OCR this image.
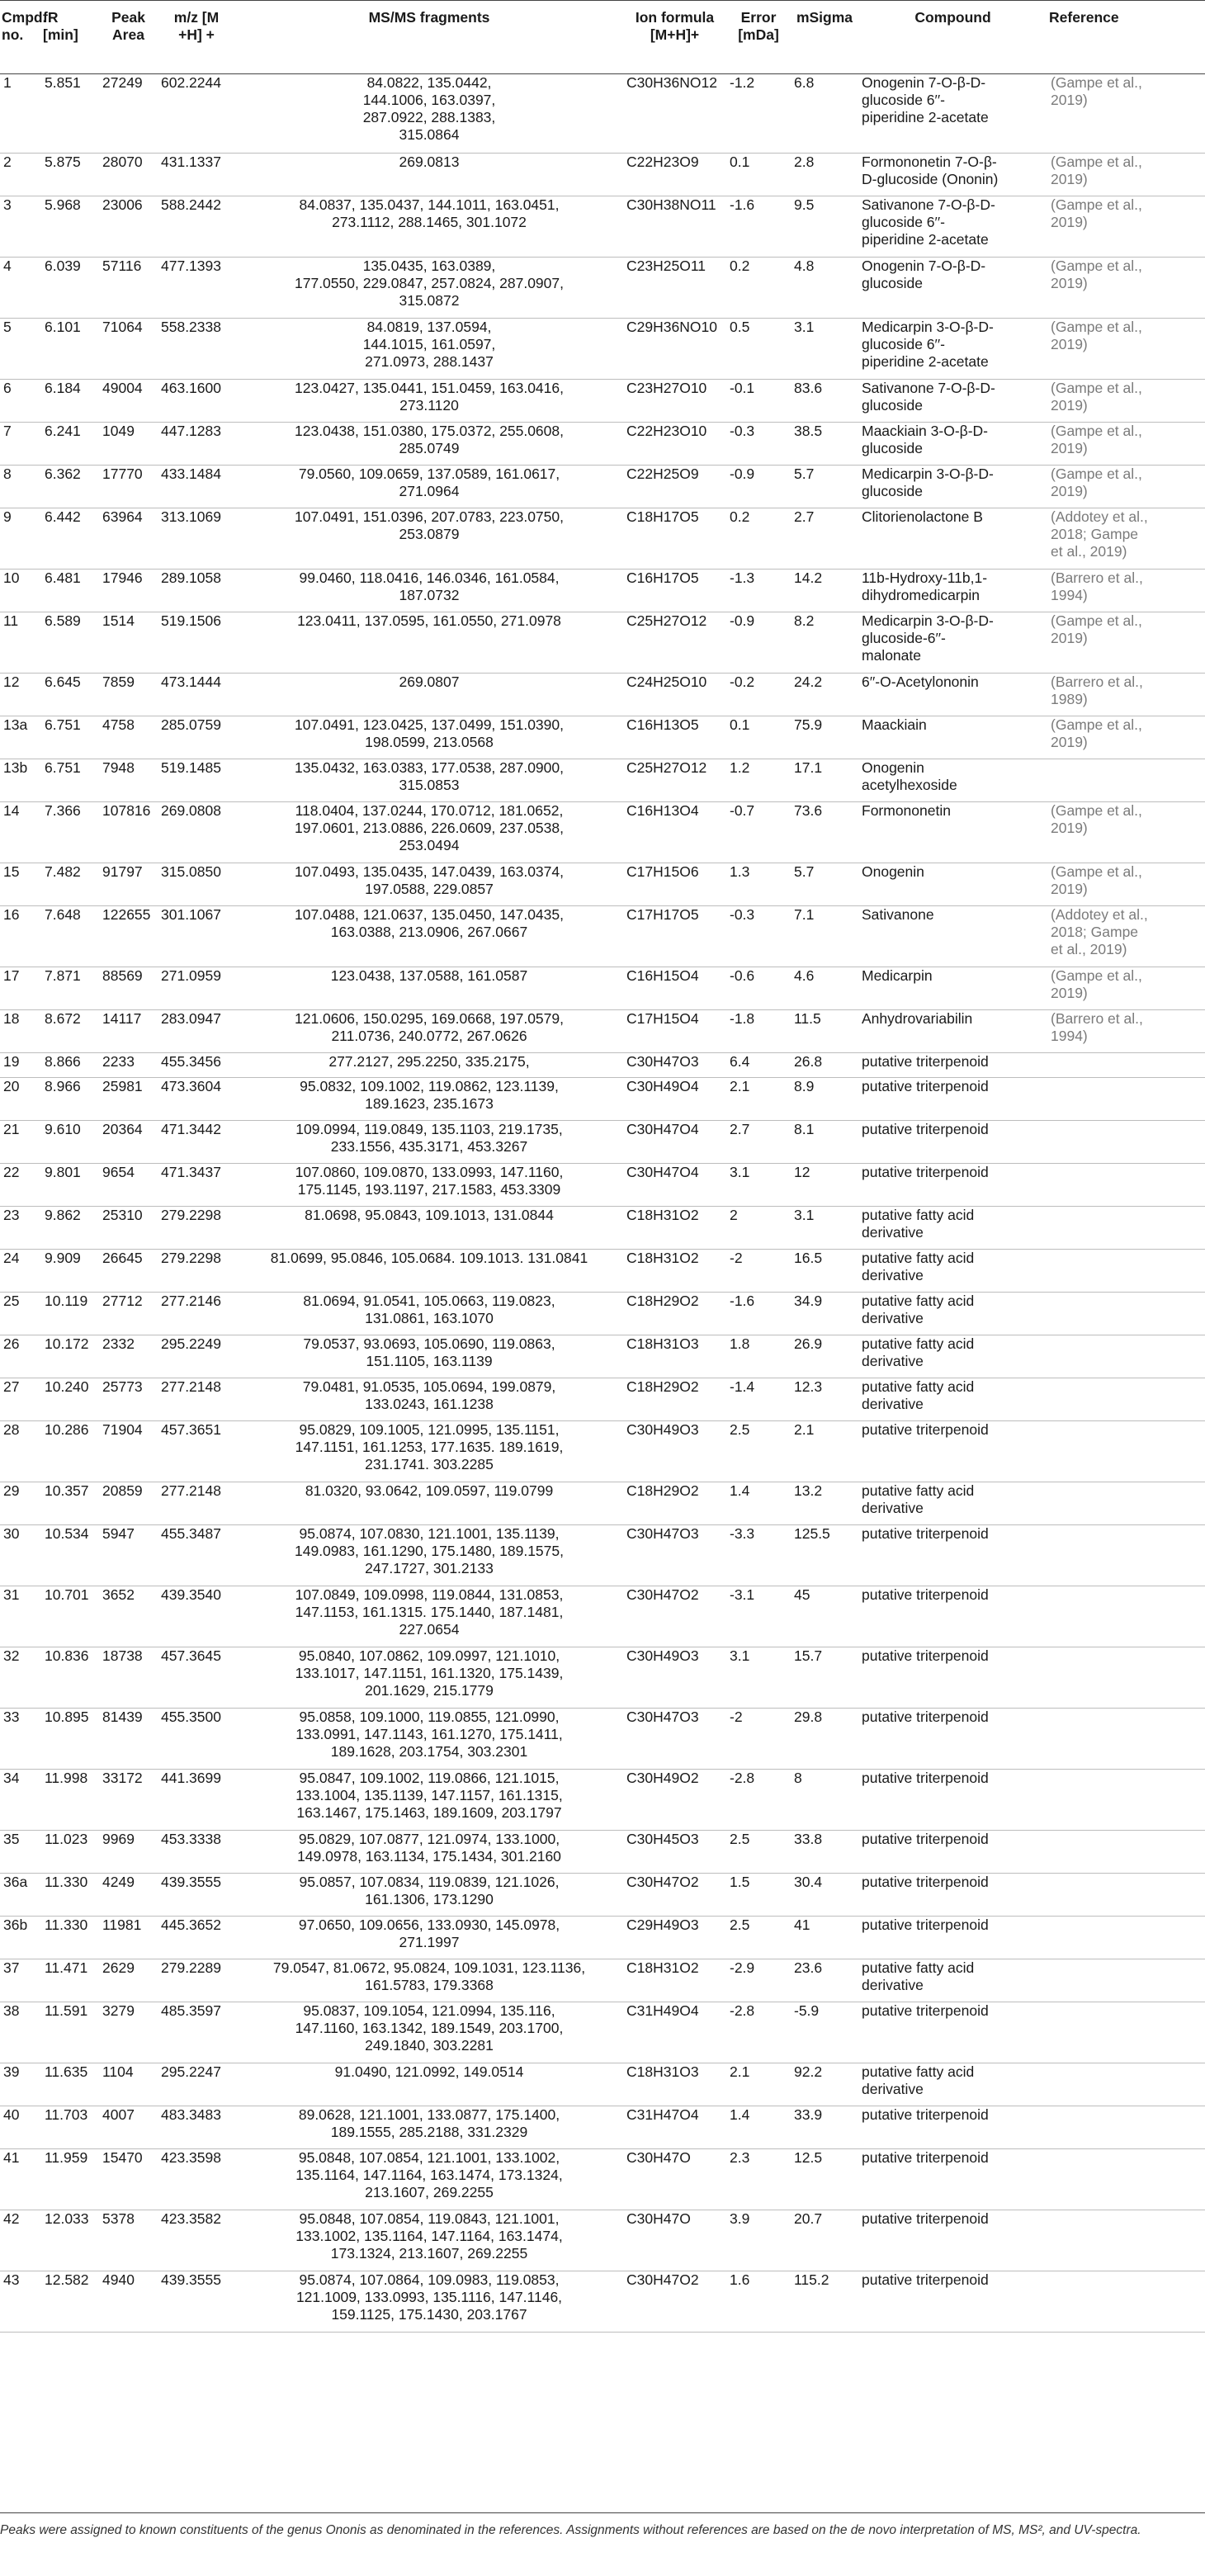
Cmpd.
no.	fR
[min]	Peak
Area	m/z [M
+H] +	MS/MS fragments	Ion formula
[M+H]+	Error
[mDa]	mSigma	Compound	Reference
1	5.851	27249	602.2244	84.0822, 135.0442,
144.1006, 163.0397,
287.0922, 288.1383,
315.0864	C30H36NO12	-1.2	6.8	Onogenin 7-O-β-D-
glucoside 6′′-
piperidine 2-acetate	(Gampe et al.,
2019)
2	5.875	28070	431.1337	269.0813	C22H23O9	0.1	2.8	Formononetin 7-O-β-
D-glucoside (Ononin)	(Gampe et al.,
2019)
3	5.968	23006	588.2442	84.0837, 135.0437, 144.1011, 163.0451,
273.1112, 288.1465, 301.1072	C30H38NO11	-1.6	9.5	Sativanone 7-O-β-D-
glucoside 6′′-
piperidine 2-acetate	(Gampe et al.,
2019)
4	6.039	57116	477.1393	135.0435, 163.0389,
177.0550, 229.0847, 257.0824, 287.0907,
315.0872	C23H25O11	0.2	4.8	Onogenin 7-O-β-D-
glucoside	(Gampe et al.,
2019)
5	6.101	71064	558.2338	84.0819, 137.0594,
144.1015, 161.0597,
271.0973, 288.1437	C29H36NO10	0.5	3.1	Medicarpin 3-O-β-D-
glucoside 6′′-
piperidine 2-acetate	(Gampe et al.,
2019)
6	6.184	49004	463.1600	123.0427, 135.0441, 151.0459, 163.0416,
273.1120	C23H27O10	-0.1	83.6	Sativanone 7-O-β-D-
glucoside	(Gampe et al.,
2019)
7	6.241	1049	447.1283	123.0438, 151.0380, 175.0372, 255.0608,
285.0749	C22H23O10	-0.3	38.5	Maackiain 3-O-β-D-
glucoside	(Gampe et al.,
2019)
8	6.362	17770	433.1484	79.0560, 109.0659, 137.0589, 161.0617,
271.0964	C22H25O9	-0.9	5.7	Medicarpin 3-O-β-D-
glucoside	(Gampe et al.,
2019)
9	6.442	63964	313.1069	107.0491, 151.0396, 207.0783, 223.0750,
253.0879	C18H17O5	0.2	2.7	Clitorienolactone B	(Addotey et al.,
2018; Gampe
et al., 2019)
10	6.481	17946	289.1058	99.0460, 118.0416, 146.0346, 161.0584,
187.0732	C16H17O5	-1.3	14.2	11b-Hydroxy-11b,1-
dihydromedicarpin	(Barrero et al.,
1994)
11	6.589	1514	519.1506	123.0411, 137.0595, 161.0550, 271.0978	C25H27O12	-0.9	8.2	Medicarpin 3-O-β-D-
glucoside-6′′-
malonate	(Gampe et al.,
2019)
12	6.645	7859	473.1444	269.0807	C24H25O10	-0.2	24.2	6′′-O-Acetylononin	(Barrero et al.,
1989)
13a	6.751	4758	285.0759	107.0491, 123.0425, 137.0499, 151.0390,
198.0599, 213.0568	C16H13O5	0.1	75.9	Maackiain	(Gampe et al.,
2019)
13b	6.751	7948	519.1485	135.0432, 163.0383, 177.0538, 287.0900,
315.0853	C25H27O12	1.2	17.1	Onogenin
acetylhexoside	
14	7.366	107816	269.0808	118.0404, 137.0244, 170.0712, 181.0652,
197.0601, 213.0886, 226.0609, 237.0538,
253.0494	C16H13O4	-0.7	73.6	Formononetin	(Gampe et al.,
2019)
15	7.482	91797	315.0850	107.0493, 135.0435, 147.0439, 163.0374,
197.0588, 229.0857	C17H15O6	1.3	5.7	Onogenin	(Gampe et al.,
2019)
16	7.648	122655	301.1067	107.0488, 121.0637, 135.0450, 147.0435,
163.0388, 213.0906, 267.0667	C17H17O5	-0.3	7.1	Sativanone	(Addotey et al.,
2018; Gampe
et al., 2019)
17	7.871	88569	271.0959	123.0438, 137.0588, 161.0587	C16H15O4	-0.6	4.6	Medicarpin	(Gampe et al.,
2019)
18	8.672	14117	283.0947	121.0606, 150.0295, 169.0668, 197.0579,
211.0736, 240.0772, 267.0626	C17H15O4	-1.8	11.5	Anhydrovariabilin	(Barrero et al.,
1994)
19	8.866	2233	455.3456	277.2127, 295.2250, 335.2175,	C30H47O3	6.4	26.8	putative triterpenoid	
20	8.966	25981	473.3604	95.0832, 109.1002, 119.0862, 123.1139,
189.1623, 235.1673	C30H49O4	2.1	8.9	putative triterpenoid	
21	9.610	20364	471.3442	109.0994, 119.0849, 135.1103, 219.1735,
233.1556, 435.3171, 453.3267	C30H47O4	2.7	8.1	putative triterpenoid	
22	9.801	9654	471.3437	107.0860, 109.0870, 133.0993, 147.1160,
175.1145, 193.1197, 217.1583, 453.3309	C30H47O4	3.1	12	putative triterpenoid	
23	9.862	25310	279.2298	81.0698, 95.0843, 109.1013, 131.0844	C18H31O2	2	3.1	putative fatty acid
derivative	
24	9.909	26645	279.2298	81.0699, 95.0846, 105.0684. 109.1013. 131.0841	C18H31O2	-2	16.5	putative fatty acid
derivative	
25	10.119	27712	277.2146	81.0694, 91.0541, 105.0663, 119.0823,
131.0861, 163.1070	C18H29O2	-1.6	34.9	putative fatty acid
derivative	
26	10.172	2332	295.2249	79.0537, 93.0693, 105.0690, 119.0863,
151.1105, 163.1139	C18H31O3	1.8	26.9	putative fatty acid
derivative	
27	10.240	25773	277.2148	79.0481, 91.0535, 105.0694, 199.0879,
133.0243, 161.1238	C18H29O2	-1.4	12.3	putative fatty acid
derivative	
28	10.286	71904	457.3651	95.0829, 109.1005, 121.0995, 135.1151,
147.1151, 161.1253, 177.1635. 189.1619,
231.1741. 303.2285	C30H49O3	2.5	2.1	putative triterpenoid	
29	10.357	20859	277.2148	81.0320, 93.0642, 109.0597, 119.0799	C18H29O2	1.4	13.2	putative fatty acid
derivative	
30	10.534	5947	455.3487	95.0874, 107.0830, 121.1001, 135.1139,
149.0983, 161.1290, 175.1480, 189.1575,
247.1727, 301.2133	C30H47O3	-3.3	125.5	putative triterpenoid	
31	10.701	3652	439.3540	107.0849, 109.0998, 119.0844, 131.0853,
147.1153, 161.1315. 175.1440, 187.1481,
227.0654	C30H47O2	-3.1	45	putative triterpenoid	
32	10.836	18738	457.3645	95.0840, 107.0862, 109.0997, 121.1010,
133.1017, 147.1151, 161.1320, 175.1439,
201.1629, 215.1779	C30H49O3	3.1	15.7	putative triterpenoid	
33	10.895	81439	455.3500	95.0858, 109.1000, 119.0855, 121.0990,
133.0991, 147.1143, 161.1270, 175.1411,
189.1628, 203.1754, 303.2301	C30H47O3	-2	29.8	putative triterpenoid	
34	11.998	33172	441.3699	95.0847, 109.1002, 119.0866, 121.1015,
133.1004, 135.1139, 147.1157, 161.1315,
163.1467, 175.1463, 189.1609, 203.1797	C30H49O2	-2.8	8	putative triterpenoid	
35	11.023	9969	453.3338	95.0829, 107.0877, 121.0974, 133.1000,
149.0978, 163.1134, 175.1434, 301.2160	C30H45O3	2.5	33.8	putative triterpenoid	
36a	11.330	4249	439.3555	95.0857, 107.0834, 119.0839, 121.1026,
161.1306, 173.1290	C30H47O2	1.5	30.4	putative triterpenoid	
36b	11.330	11981	445.3652	97.0650, 109.0656, 133.0930, 145.0978,
271.1997	C29H49O3	2.5	41	putative triterpenoid	
37	11.471	2629	279.2289	79.0547, 81.0672, 95.0824, 109.1031, 123.1136,
161.5783, 179.3368	C18H31O2	-2.9	23.6	putative fatty acid
derivative	
38	11.591	3279	485.3597	95.0837, 109.1054, 121.0994, 135.116,
147.1160, 163.1342, 189.1549, 203.1700,
249.1840, 303.2281	C31H49O4	-2.8	-5.9	putative triterpenoid	
39	11.635	1104	295.2247	91.0490, 121.0992, 149.0514	C18H31O3	2.1	92.2	putative fatty acid
derivative	
40	11.703	4007	483.3483	89.0628, 121.1001, 133.0877, 175.1400,
189.1555, 285.2188, 331.2329	C31H47O4	1.4	33.9	putative triterpenoid	
41	11.959	15470	423.3598	95.0848, 107.0854, 121.1001, 133.1002,
135.1164, 147.1164, 163.1474, 173.1324,
213.1607, 269.2255	C30H47O	2.3	12.5	putative triterpenoid	
42	12.033	5378	423.3582	95.0848, 107.0854, 119.0843, 121.1001,
133.1002, 135.1164, 147.1164, 163.1474,
173.1324, 213.1607, 269.2255	C30H47O	3.9	20.7	putative triterpenoid	
43	12.582	4940	439.3555	95.0874, 107.0864, 109.0983, 119.0853,
121.1009, 133.0993, 135.1116, 147.1146,
159.1125, 175.1430, 203.1767	C30H47O2	1.6	115.2	putative triterpenoid	
Peaks were assigned to known constituents of the genus Ononis as denominated in the references. Assignments without references are based on the de novo interpretation of MS, MS², and UV-spectra.
